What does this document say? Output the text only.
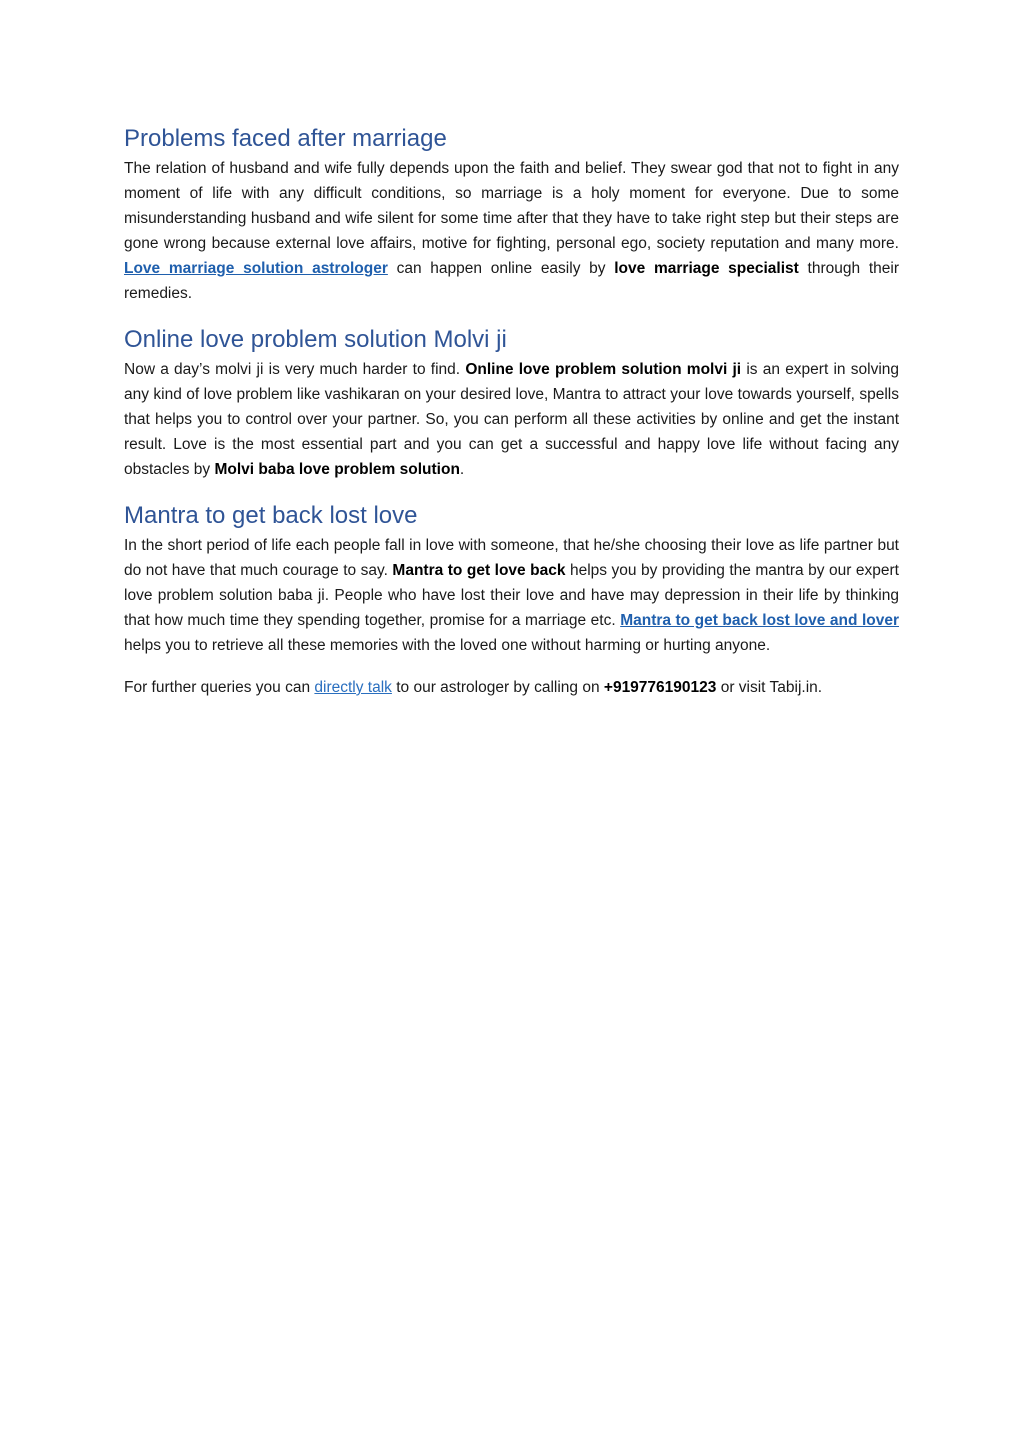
Problems faced after marriage

The relation of husband and wife fully depends upon the faith and belief. They swear god that not to fight in any moment of life with any difficult conditions, so marriage is a holy moment for everyone. Due to some misunderstanding husband and wife silent for some time after that they have to take right step but their steps are gone wrong because external love affairs, motive for fighting, personal ego, society reputation and many more. Love marriage solution astrologer can happen online easily by love marriage specialist through their remedies.

Online love problem solution Molvi ji

Now a day’s molvi ji is very much harder to find. Online love problem solution molvi ji is an expert in solving any kind of love problem like vashikaran on your desired love, Mantra to attract your love towards yourself, spells that helps you to control over your partner. So, you can perform all these activities by online and get the instant result. Love is the most essential part and you can get a successful and happy love life without facing any obstacles by Molvi baba love problem solution.

Mantra to get back lost love

In the short period of life each people fall in love with someone, that he/she choosing their love as life partner but do not have that much courage to say. Mantra to get love back helps you by providing the mantra by our expert love problem solution baba ji. People who have lost their love and have may depression in their life by thinking that how much time they spending together, promise for a marriage etc. Mantra to get back lost love and lover helps you to retrieve all these memories with the loved one without harming or hurting anyone.

For further queries you can directly talk to our astrologer by calling on +919776190123 or visit Tabij.in.
